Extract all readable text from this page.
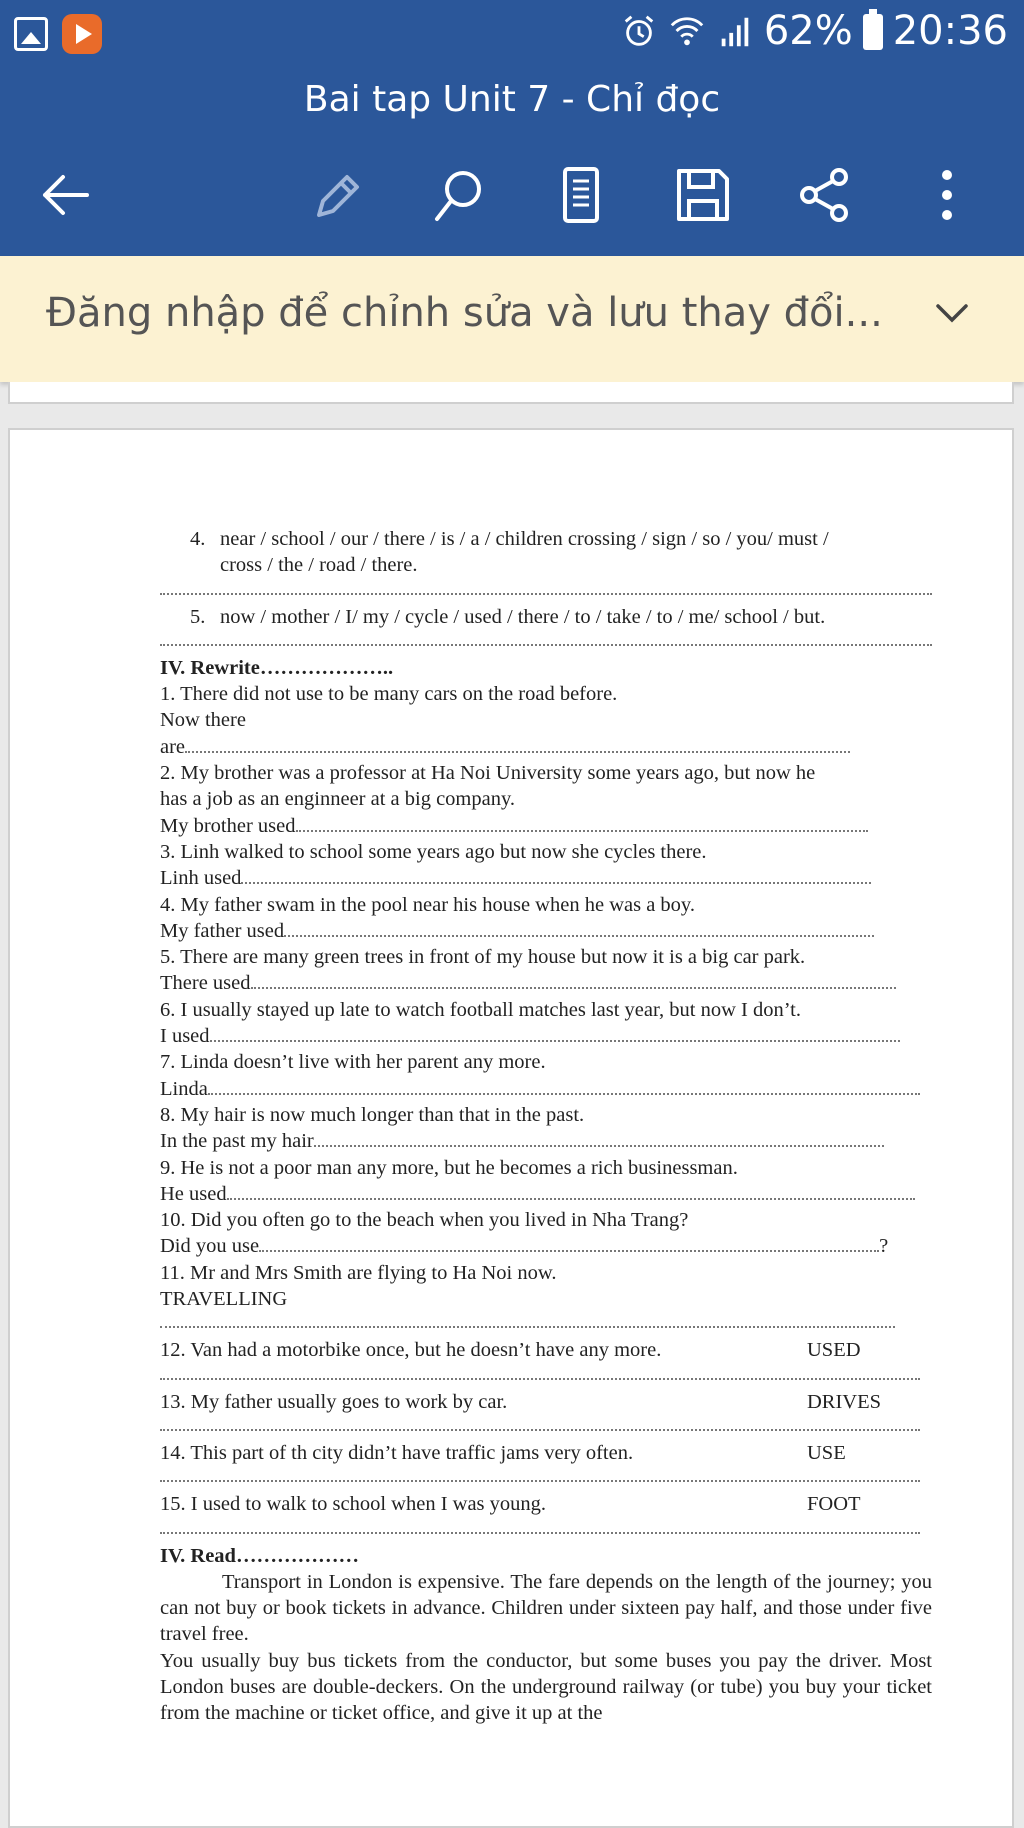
62% 20:36
Bai tap Unit 7 - Chỉ đọc
Đăng nhập để chỉnh sửa và lưu thay đổi...
4. near / school / our / there / is / a / children crossing / sign / so / you/ must /
cross / the / road / there.
5. now / mother / I/ my / cycle / used / there / to / take / to / me/ school / but.
IV. Rewrite………………..
1. There did not use to be many cars on the road before.
Now there
are
2. My brother was a professor at Ha Noi University some years ago, but now he
has a job as an enginneer at a big company.
My brother used
3. Linh walked to school some years ago but now she cycles there.
Linh used
4. My father swam in the pool near his house when he was a boy.
My father used
5. There are many green trees in front of my house but now it is a big car park.
There used
6. I usually stayed up late to watch football matches last year, but now I don’t.
I used
7. Linda doesn’t live with her parent any more.
Linda
8. My hair is now much longer than that in the past.
In the past my hair
9. He is not a poor man any more, but he becomes a rich businessman.
He used
10. Did you often go to the beach when you lived in Nha Trang?
Did you use	?
11. Mr and Mrs Smith are flying to Ha Noi now.
TRAVELLING
12. Van had a motorbike once, but he doesn’t have any more.	USED
13. My father usually goes to work by car.	DRIVES
14. This part of th city didn’t have traffic jams very often.	USE
15. I used to walk to school when I was young.	FOOT
IV. Read………………
Transport in London is expensive. The fare depends on the length of the journey; you can not buy or book tickets in advance. Children under sixteen pay half, and those under five travel free.
You usually buy bus tickets from the conductor, but some buses you pay the driver. Most London buses are double-deckers. On the underground railway (or tube) you buy your ticket from the machine or ticket office, and give it up at the
